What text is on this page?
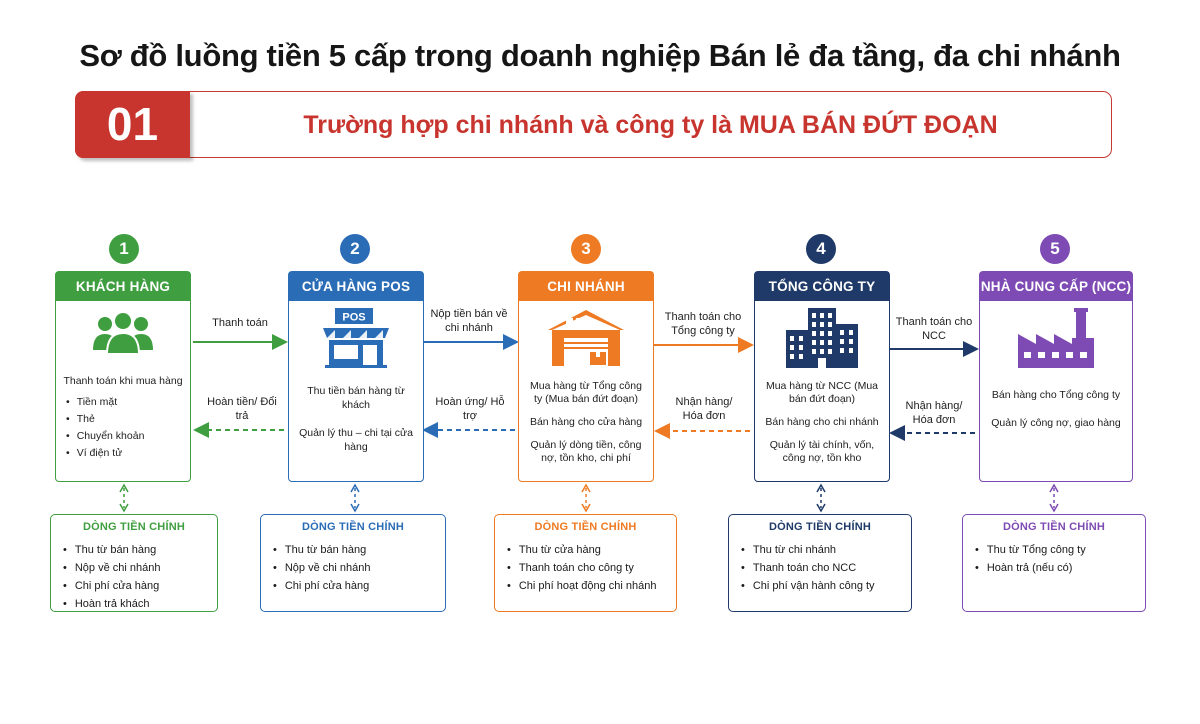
Sơ đồ luồng tiền 5 cấp trong doanh nghiệp Bán lẻ đa tầng, đa chi nhánh
01	Trường hợp chi nhánh và công ty là MUA BÁN ĐỨT ĐOẠN
1	2	3	4	5
KHÁCH HÀNG

Thanh toán khi mua hàng

• Tiền mặt
• Thẻ
• Chuyển khoản
• Ví điện tử
CỬA HÀNG POS
POS

Thu tiền bán hàng từ khách

Quản lý thu – chi tại cửa hàng

CHI NHÁNH

Mua hàng từ Tổng công ty (Mua bán đứt đoạn)

Bán hàng cho cửa hàng

Quản lý dòng tiền, công nợ, tồn kho, chi phí

TỔNG CÔNG TY

Mua hàng từ NCC (Mua bán đứt đoạn)

Bán hàng cho chi nhánh

Quản lý tài chính, vốn, công nợ, tồn kho

NHÀ CUNG CẤP (NCC)

Bán hàng cho Tổng công ty

Quản lý công nợ, giao hàng

Thanh toán
Nộp tiền bán về chi nhánh
Thanh toán cho Tổng công ty
Thanh toán cho NCC
Hoàn tiền/ Đổi trả
Hoàn ứng/ Hỗ trợ
Nhận hàng/ Hóa đơn
Nhận hàng/ Hóa đơn
DÒNG TIỀN CHÍNH
• Thu từ bán hàng
• Nộp về chi nhánh
• Chi phí cửa hàng
• Hoàn trả khách
DÒNG TIỀN CHÍNH
• Thu từ bán hàng
• Nộp về chi nhánh
• Chi phí cửa hàng
DÒNG TIỀN CHÍNH
• Thu từ cửa hàng
• Thanh toán cho công ty
• Chi phí hoạt động chi nhánh
DÒNG TIỀN CHÍNH
• Thu từ chi nhánh
• Thanh toán cho NCC
• Chi phí vận hành công ty
DÒNG TIỀN CHÍNH
• Thu từ Tổng công ty
• Hoàn trả (nếu có)
